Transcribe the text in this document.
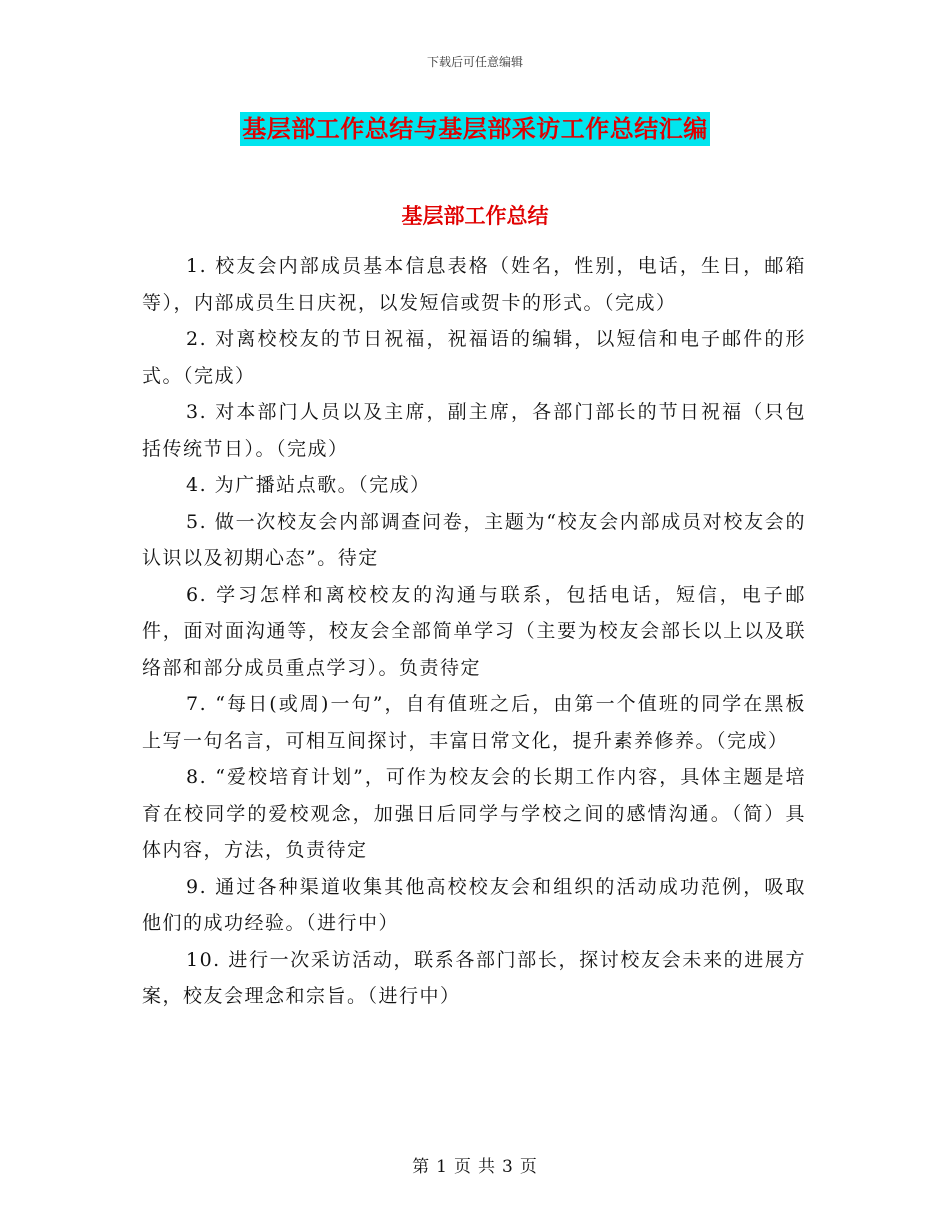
下载后可任意编辑
基层部工作总结与基层部采访工作总结汇编
基层部工作总结

1. 校友会内部成员基本信息表格（姓名，性别，电话，生日，邮箱等），内部成员生日庆祝，以发短信或贺卡的形式。（完成）

2. 对离校校友的节日祝福，祝福语的编辑，以短信和电子邮件的形式。（完成）

3. 对本部门人员以及主席，副主席，各部门部长的节日祝福（只包括传统节日）。（完成）

4. 为广播站点歌。（完成）

5. 做一次校友会内部调查问卷，主题为“校友会内部成员对校友会的认识以及初期心态”。待定

6. 学习怎样和离校校友的沟通与联系，包括电话，短信，电子邮件，面对面沟通等，校友会全部简单学习（主要为校友会部长以上以及联络部和部分成员重点学习）。负责待定

7. “每日(或周)一句”，自有值班之后，由第一个值班的同学在黑板上写一句名言，可相互间探讨，丰富日常文化，提升素养修养。（完成）

8. “爱校培育计划”，可作为校友会的长期工作内容，具体主题是培育在校同学的爱校观念，加强日后同学与学校之间的感情沟通。（简）具体内容，方法，负责待定

9. 通过各种渠道收集其他高校校友会和组织的活动成功范例，吸取他们的成功经验。（进行中）

10. 进行一次采访活动，联系各部门部长，探讨校友会未来的进展方案，校友会理念和宗旨。（进行中）

第 1 页 共 3 页
